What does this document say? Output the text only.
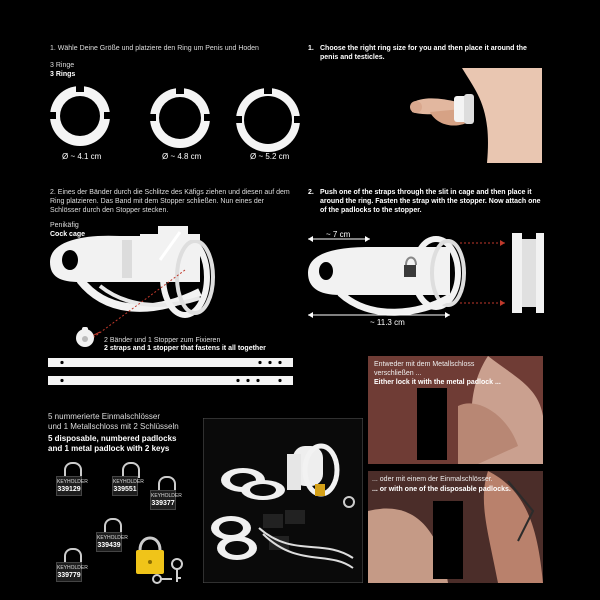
1. Wähle Deine Größe und platziere den Ring um Penis und Hoden
3 Ringe
3 Rings
Ø ~ 4.1 cm	Ø ~ 4.8 cm	Ø ~ 5.2 cm
1. Choose the right ring size for you and then place it around the penis and testicles.
2. Eines der Bänder durch die Schlitze des Käfigs ziehen und diesen auf dem Ring platzieren. Das Band mit dem Stopper schließen. Nun eines der Schlösser durch den Stopper stecken.
Penikäfig
Cock cage
2 Bänder und 1 Stopper zum Fixieren
2 straps and 1 stopper that fastens it all together
2. Push one of the straps through the slit in cage and then place it around the ring. Fasten the strap with the stopper. Now attach one of the padlocks to the stopper.
~ 7 cm
~ 11.3 cm
5 nummerierte Einmalschlösser
und 1 Metallschloss mit 2 Schlüsseln
5 disposable, numbered padlocks
and 1 metal padlock with 2 keys
KEYHOLDER
339129
KEYHOLDER
339551
KEYHOLDER
339377
KEYHOLDER
339439
KEYHOLDER
339779
Entweder mit dem Metallschloss verschließen ...
Either lock it with the metal padlock ...
... oder mit einem der Einmalschlösser.
... or with one of the disposable padlocks.
